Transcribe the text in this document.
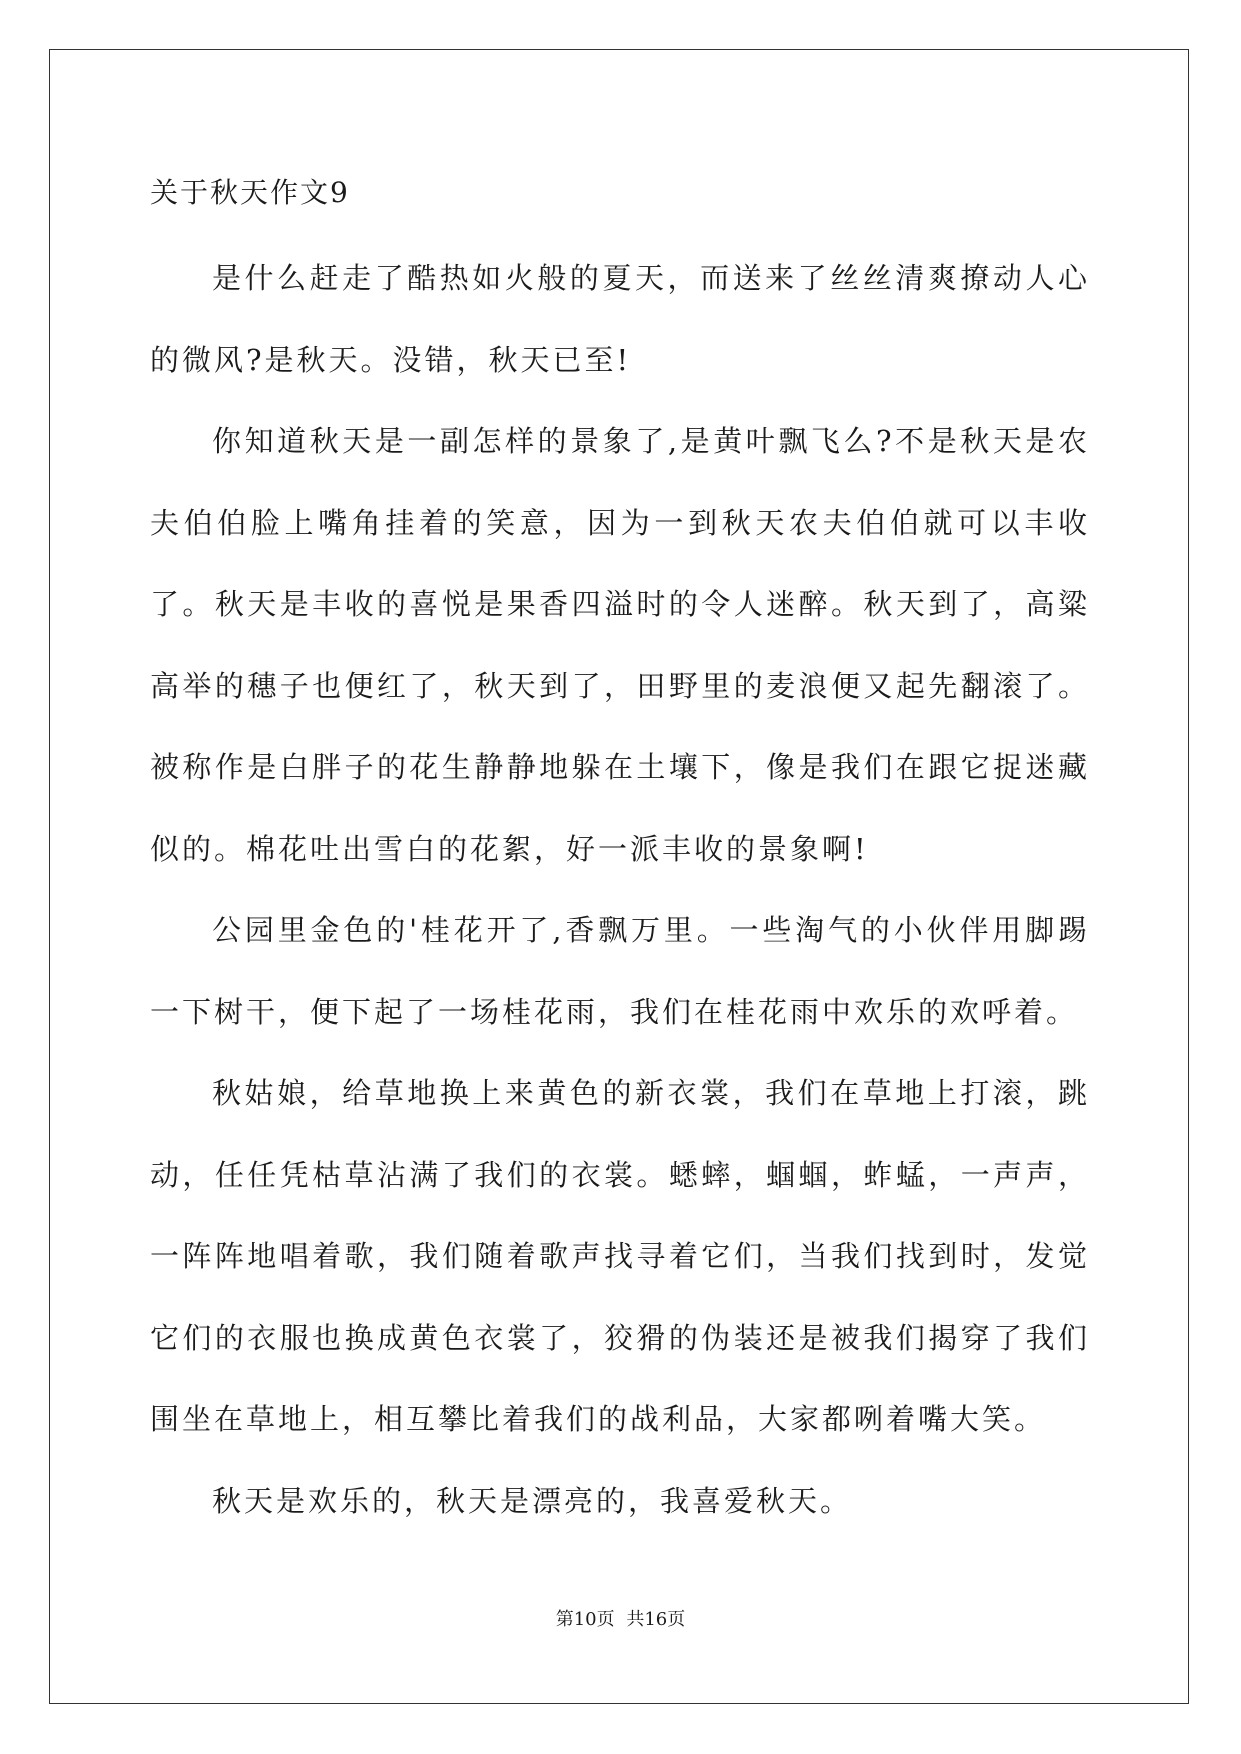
关于秋天作文9

是什么赶走了酷热如火般的夏天，而送来了丝丝清爽撩动人心的微风?是秋天。没错，秋天已至!

你知道秋天是一副怎样的景象了,是黄叶飘飞么?不是秋天是农夫伯伯脸上嘴角挂着的笑意，因为一到秋天农夫伯伯就可以丰收了。秋天是丰收的喜悦是果香四溢时的令人迷醉。秋天到了，高粱高举的穗子也便红了，秋天到了，田野里的麦浪便又起先翻滚了。被称作是白胖子的花生静静地躲在土壤下，像是我们在跟它捉迷藏似的。棉花吐出雪白的花絮，好一派丰收的景象啊!

公园里金色的'桂花开了,香飘万里。一些淘气的小伙伴用脚踢一下树干，便下起了一场桂花雨，我们在桂花雨中欢乐的欢呼着。

秋姑娘，给草地换上来黄色的新衣裳，我们在草地上打滚，跳动，任任凭枯草沾满了我们的衣裳。蟋蟀，蝈蝈，蚱蜢，一声声，一阵阵地唱着歌，我们随着歌声找寻着它们，当我们找到时，发觉它们的衣服也换成黄色衣裳了，狡猾的伪装还是被我们揭穿了我们围坐在草地上，相互攀比着我们的战利品，大家都咧着嘴大笑。

秋天是欢乐的，秋天是漂亮的，我喜爱秋天。

第10页 共16页
